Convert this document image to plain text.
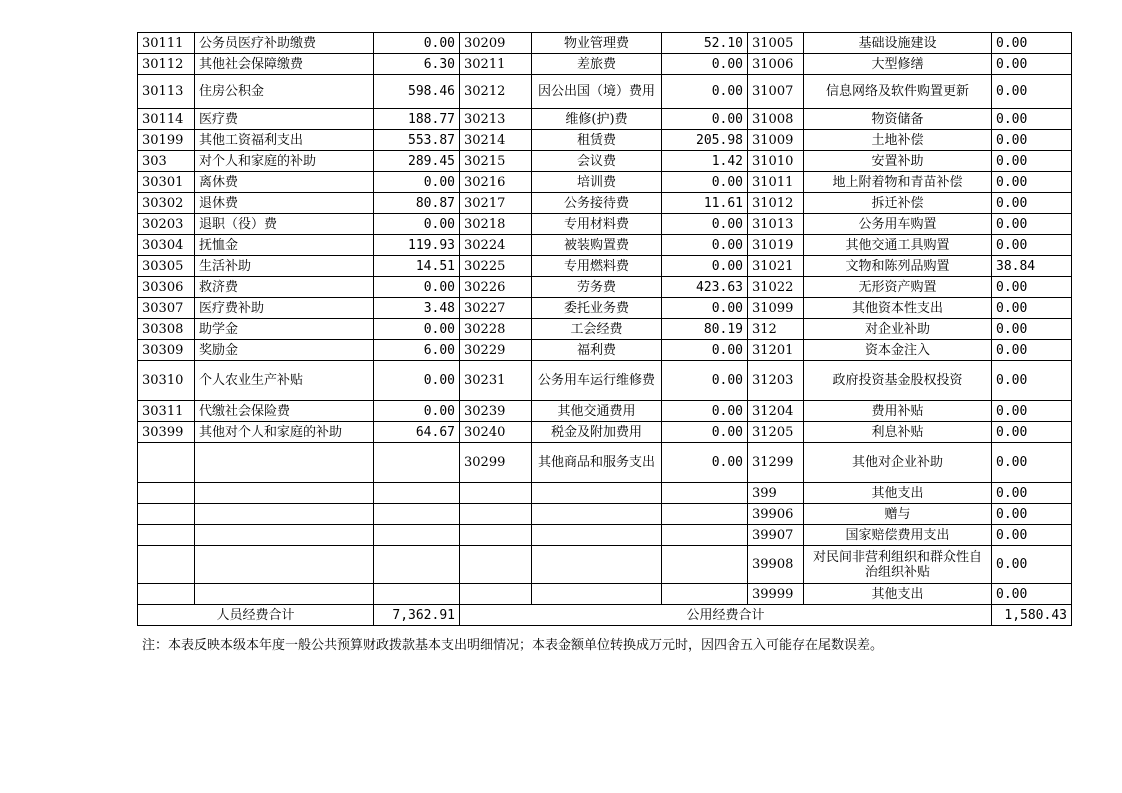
30111	公务员医疗补助缴费	0.00	30209	物业管理费	52.10	31005	基础设施建设	0.00
30112	其他社会保障缴费	6.30	30211	差旅费	0.00	31006	大型修缮	0.00
30113	住房公积金	598.46	30212	因公出国（境）费用	0.00	31007	信息网络及软件购置更新	0.00
30114	医疗费	188.77	30213	维修(护)费	0.00	31008	物资储备	0.00
30199	其他工资福利支出	553.87	30214	租赁费	205.98	31009	土地补偿	0.00
303	对个人和家庭的补助	289.45	30215	会议费	1.42	31010	安置补助	0.00
30301	离休费	0.00	30216	培训费	0.00	31011	地上附着物和青苗补偿	0.00
30302	退休费	80.87	30217	公务接待费	11.61	31012	拆迁补偿	0.00
30203	退职（役）费	0.00	30218	专用材料费	0.00	31013	公务用车购置	0.00
30304	抚恤金	119.93	30224	被装购置费	0.00	31019	其他交通工具购置	0.00
30305	生活补助	14.51	30225	专用燃料费	0.00	31021	文物和陈列品购置	38.84
30306	救济费	0.00	30226	劳务费	423.63	31022	无形资产购置	0.00
30307	医疗费补助	3.48	30227	委托业务费	0.00	31099	其他资本性支出	0.00
30308	助学金	0.00	30228	工会经费	80.19	312	对企业补助	0.00
30309	奖励金	6.00	30229	福利费	0.00	31201	资本金注入	0.00
30310	个人农业生产补贴	0.00	30231	公务用车运行维修费	0.00	31203	政府投资基金股权投资	0.00
30311	代缴社会保险费	0.00	30239	其他交通费用	0.00	31204	费用补贴	0.00
30399	其他对个人和家庭的补助	64.67	30240	税金及附加费用	0.00	31205	利息补贴	0.00
			30299	其他商品和服务支出	0.00	31299	其他对企业补助	0.00
						399	其他支出	0.00
						39906	赠与	0.00
						39907	国家赔偿费用支出	0.00
						39908	对民间非营利组织和群众性自治组织补贴	0.00
						39999	其他支出	0.00
人员经费合计		7,362.91	公用经费合计					1,580.43
注：本表反映本级本年度一般公共预算财政拨款基本支出明细情况；本表金额单位转换成万元时，因四舍五入可能存在尾数误差。
